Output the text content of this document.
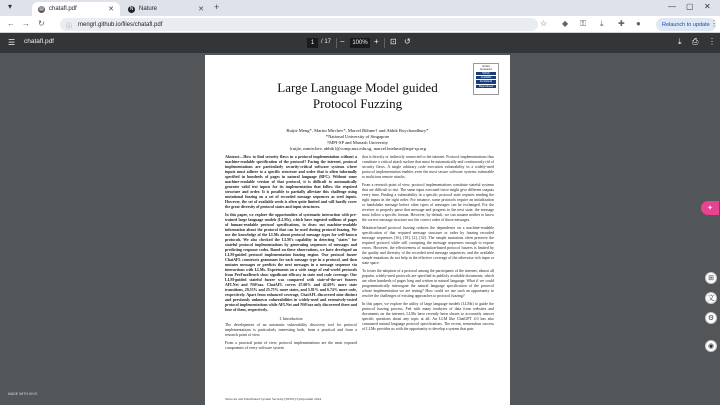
▤ chatafl.pdf	✕	N Nature	✕ +
▾	— ▢ ✕
← → ↻	ⓘ mengrl.github.io/files/chatafl.pdf	☆ ◆ ⚿ ⤓ ✚ ●	Relaunch to update ⋮
☰ chatafl.pdf	1	/ 17 −	100% + ⊡ ↺	⤓ ⎙ ⋮
Artifact
Evaluated
NDSS
Available
Functional
Reproduced
Large Language Model guided
Protocol Fuzzing
Ruijie Meng*, Martin Mirchev*, Marcel Böhme† and Abhik Roychoudhury*
*National University of Singapore
†MPI-SP and Monash University
{ruijie, mmirchev, abhik}@comp.nus.edu.sg, marcel.boehme@mpi-sp.org

Abstract—How to find security flaws in a protocol implementation without a machine-readable specification of the protocol? Facing the internet, protocol implementations are particularly security-critical software systems where inputs must adhere to a specific structure and order that is often informally specified in hundreds of pages in natural language (RFC). Without some machine-readable version of that protocol, it is difficult to automatically generate valid test inputs for its implementation that follow the required structure and order. It is possible to partially alleviate this challenge using mutational fuzzing on a set of recorded message sequences as seed inputs. However, the set of available seeds is often quite limited and will hardly cover the great diversity of protocol states and input structures.

In this paper, we explore the opportunities of systematic interaction with pre-trained large language models (LLMs), which have ingested millions of pages of human-readable protocol specifications, to draw out machine-readable information about the protocol that can be used during protocol fuzzing. We use the knowledge of the LLMs about protocol message types for well-known protocols. We also checked the LLM's capability in detecting "states" for stateful protocol implementations by generating sequences of messages and predicting response codes. Based on these observations, we have developed an LLM-guided protocol implementation fuzzing engine. Our protocol fuzzer ChatAFL constructs grammars for each message type in a protocol, and then mutates messages or predicts the next messages in a message sequence via interactions with LLMs. Experiments on a wide range of real-world protocols from ProFuzzBench show significant efficacy in state and code coverage. Our LLM-guided stateful fuzzer was compared with state-of-the-art fuzzers AFLNet and NSFuzz. ChatAFL covers 47.60% and 42.69% more state transitions, 29.55% and 25.75% more states, and 5.81% and 6.74% more code, respectively. Apart from enhanced coverage, ChatAFL discovered nine distinct and previously unknown vulnerabilities in widely-used and extensively-tested protocol implementations while AFLNet and NSFuzz only discovered three and four of them, respectively.

I. Introduction

The development of an automatic vulnerability discovery tool for protocol implementations is particularly interesting both, from a practical and from a research point of view.

From a practical point of view, protocol implementations are the most exposed components of every software system

that is directly or indirectly connected to the internet. Protocol implementations thus constitute a critical attack surface that must be automatically and continuously rid of security flaws. A single arbitrary code execution vulnerability in a widely-used protocol implementation enables even the most secure software systems vulnerable to malicious remote attacks.

From a research point of view, protocol implementations constitute stateful systems that are difficult to test. The same input executed twice might give different outputs every time. Finding a vulnerability in a specific protocol state requires sending the right inputs in the right order. For instance, some protocols require an initialization or handshake message before other types of messages can be exchanged. For the receiver to properly parse that message and progress to the next state, the message must follow a specific format. However, by default, we can assume neither to know the correct message structure nor the correct order of those messages.

Mutation-based protocol fuzzing reduces the dependence on a machine-readable specification of that required message structure or order by fuzzing recorded message sequences [16], [18], [2], [32]. The simple mutations often preserve the required protocol while still corrupting the message sequences enough to expose errors. However, the effectiveness of mutation-based protocol fuzzers is limited by the quality and diversity of the recorded seed message sequences, and the available simple mutations do not help in the effective coverage of the otherwise rich input or state space.

To foster the adoption of a protocol among the participants of the internet, almost all popular, widely-used protocols are specified in publicly available documents, which are often hundreds of pages long and written in natural language. What if we could programmatically interrogate the natural language specification of the protocol whose implementation we are testing? How could we use such an opportunity to resolve the challenges of existing approaches to protocol fuzzing?

In this paper, we explore the utility of large language models (LLMs) to guide the protocol fuzzing process. Fed with many terabytes of data from websites and documents on the internet, LLMs have recently been shown to accurately answer specific questions about any topic at all. An LLM like ChatGPT 4.0 has also consumed natural language protocol specifications. The recent, tremendous success of LLMs provides us with the opportunity to develop a system that puts

Network and Distributed System Security (NDSS) Symposium 2024
✦
⊞
文
⚙
◉
MADE WITH KIVO
